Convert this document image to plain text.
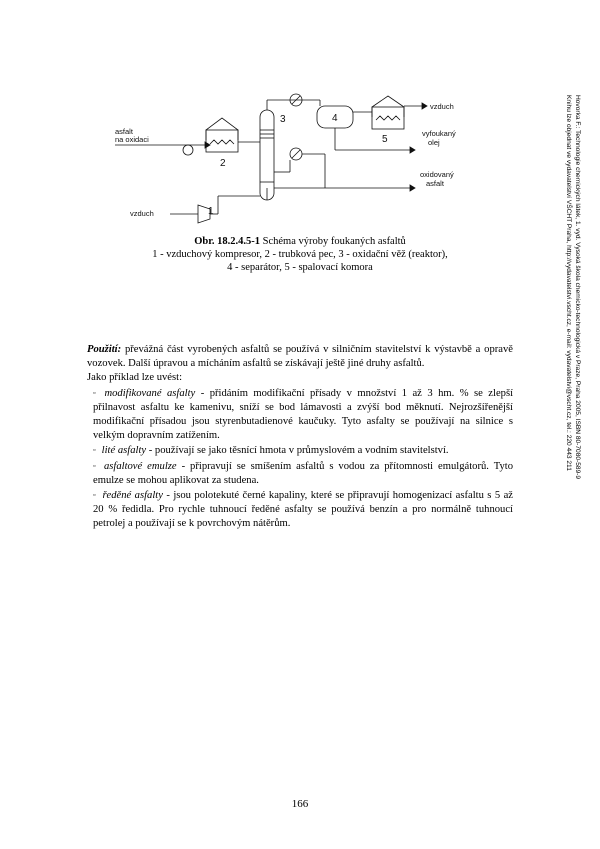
asfalt
na oxidaci
vzduch
vzduch
vyfoukaný
olej
oxidovaný
asfalt
1
2
3	4
5
Obr. 18.2.4.5-1 Schéma výroby foukaných asfaltů
1 - vzduchový kompresor, 2 - trubková pec, 3 - oxidační věž (reaktor),
4 - separátor, 5 - spalovací komora

Použití: převážná část vyrobených asfaltů se používá v silničním stavitelství k výstavbě a opravě vozovek. Další úpravou a mícháním asfaltů se získávají ještě jiné druhy asfaltů.

Jako příklad lze uvést:

▫ modifikované asfalty - přidáním modifikační přísady v množství 1 až 3 hm. % se zlepší přilnavost asfaltu ke kamenivu, sníží se bod lámavosti a zvýší bod měknutí. Nejrozšířenější modifikační přísadou jsou styrenbutadienové kaučuky. Tyto asfalty se používají na silnice s velkým dopravním zatížením.

▫ lité asfalty - používají se jako těsnící hmota v průmyslovém a vodním stavitelství.

▫ asfaltové emulze - připravují se smíšením asfaltů s vodou za přítomnosti emulgátorů. Tyto emulze se mohou aplikovat za studena.

▫ ředěné asfalty - jsou polotekuté černé kapaliny, které se připravují homogenizací asfaltu s 5 až 20 % ředidla. Pro rychle tuhnoucí ředěné asfalty se používá benzín a pro normálně tuhnoucí petrolej a používají se k povrchovým nátěrům.

Hovorka F.: Technologie chemických látek, 1. vyd. Vysoká škola chemicko-technologická v Praze, Praha 2005, ISBN 80-7080-589-9
Knihu lze objednat ve vydavatelství VŠCHT Praha, http://vydavatelstvi.vscht.cz, e-mail: vydavatelstvi@vscht.cz, tel.: 220 443 211
166
